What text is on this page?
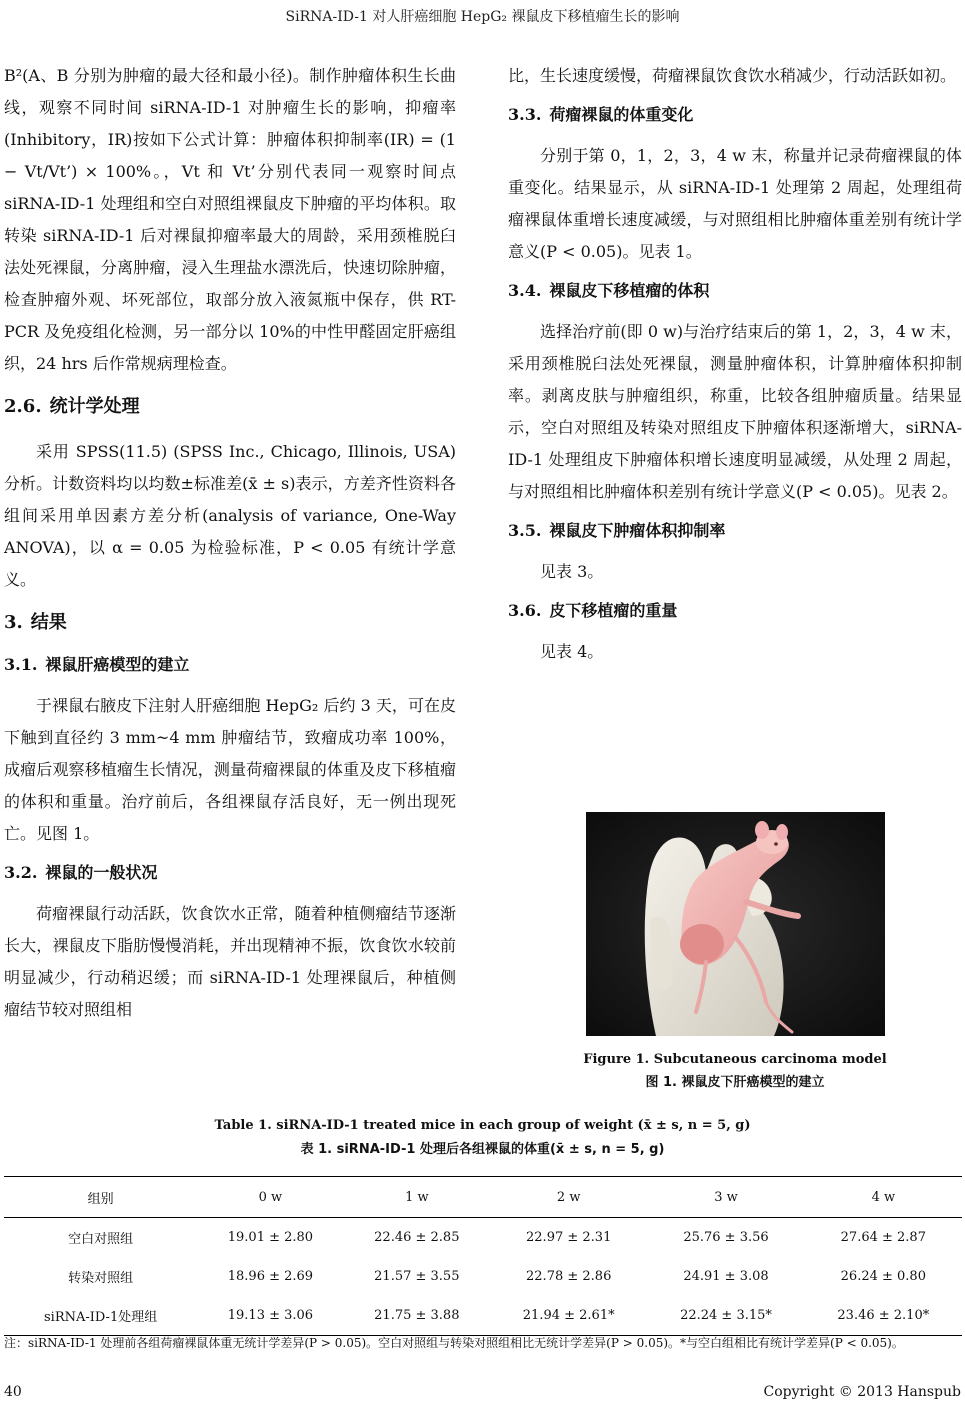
SiRNA-ID-1 对人肝癌细胞 HepG₂ 裸鼠皮下移植瘤生长的影响

B²(A、B 分别为肿瘤的最大径和最小径)。制作肿瘤体积生长曲线，观察不同时间 siRNA-ID-1 对肿瘤生长的影响，抑瘤率(Inhibitory，IR)按如下公式计算：肿瘤体积抑制率(IR) = (1 − Vt/Vt’) × 100%。，Vt 和 Vt’分别代表同一观察时间点 siRNA-ID-1 处理组和空白对照组裸鼠皮下肿瘤的平均体积。取转染 siRNA-ID-1 后对裸鼠抑瘤率最大的周龄，采用颈椎脱臼法处死裸鼠，分离肿瘤，浸入生理盐水漂洗后，快速切除肿瘤，检查肿瘤外观、坏死部位，取部分放入液氮瓶中保存，供 RT-PCR 及免疫组化检测，另一部分以 10%的中性甲醛固定肝癌组织，24 hrs 后作常规病理检查。

2.6. 统计学处理

采用 SPSS(11.5) (SPSS Inc., Chicago, Illinois, USA)分析。计数资料均以均数±标准差(x̄ ± s)表示，方差齐性资料各组间采用单因素方差分析(analysis of variance, One-Way ANOVA)，以 α = 0.05 为检验标准，P < 0.05 有统计学意义。

3. 结果
3.1. 裸鼠肝癌模型的建立

于裸鼠右腋皮下注射人肝癌细胞 HepG₂ 后约 3 天，可在皮下触到直径约 3 mm~4 mm 肿瘤结节，致瘤成功率 100%，成瘤后观察移植瘤生长情况，测量荷瘤裸鼠的体重及皮下移植瘤的体积和重量。治疗前后，各组裸鼠存活良好，无一例出现死亡。见图 1。

3.2. 裸鼠的一般状况

荷瘤裸鼠行动活跃，饮食饮水正常，随着种植侧瘤结节逐渐长大，裸鼠皮下脂肪慢慢消耗，并出现精神不振，饮食饮水较前明显减少，行动稍迟缓；而 siRNA-ID-1 处理裸鼠后，种植侧瘤结节较对照组相

比，生长速度缓慢，荷瘤裸鼠饮食饮水稍减少，行动活跃如初。

3.3. 荷瘤裸鼠的体重变化

分别于第 0，1，2，3，4 w 末，称量并记录荷瘤裸鼠的体重变化。结果显示，从 siRNA-ID-1 处理第 2 周起，处理组荷瘤裸鼠体重增长速度减缓，与对照组相比肿瘤体重差别有统计学意义(P < 0.05)。见表 1。

3.4. 裸鼠皮下移植瘤的体积

选择治疗前(即 0 w)与治疗结束后的第 1，2，3，4 w 末，采用颈椎脱臼法处死裸鼠，测量肿瘤体积，计算肿瘤体积抑制率。剥离皮肤与肿瘤组织，称重，比较各组肿瘤质量。结果显示，空白对照组及转染对照组皮下肿瘤体积逐渐增大，siRNA-ID-1 处理组皮下肿瘤体积增长速度明显减缓，从处理 2 周起，与对照组相比肿瘤体积差别有统计学意义(P < 0.05)。见表 2。

3.5. 裸鼠皮下肿瘤体积抑制率

见表 3。

3.6. 皮下移植瘤的重量

见表 4。

Figure 1. Subcutaneous carcinoma model
图 1. 裸鼠皮下肝癌模型的建立
Table 1. siRNA-ID-1 treated mice in each group of weight (x̄ ± s, n = 5, g)
表 1. siRNA-ID-1 处理后各组裸鼠的体重(x̄ ± s, n = 5, g)
组别	0 w	1 w	2 w	3 w	4 w
空白对照组	19.01 ± 2.80	22.46 ± 2.85	22.97 ± 2.31	25.76 ± 3.56	27.64 ± 2.87
转染对照组	18.96 ± 2.69	21.57 ± 3.55	22.78 ± 2.86	24.91 ± 3.08	26.24 ± 0.80
siRNA-ID-1处理组	19.13 ± 3.06	21.75 ± 3.88	21.94 ± 2.61*	22.24 ± 3.15*	23.46 ± 2.10*
注：siRNA-ID-1 处理前各组荷瘤裸鼠体重无统计学差异(P > 0.05)。空白对照组与转染对照组相比无统计学差异(P > 0.05)。*与空白组相比有统计学差异(P < 0.05)。
40	Copyright © 2013 Hanspub
